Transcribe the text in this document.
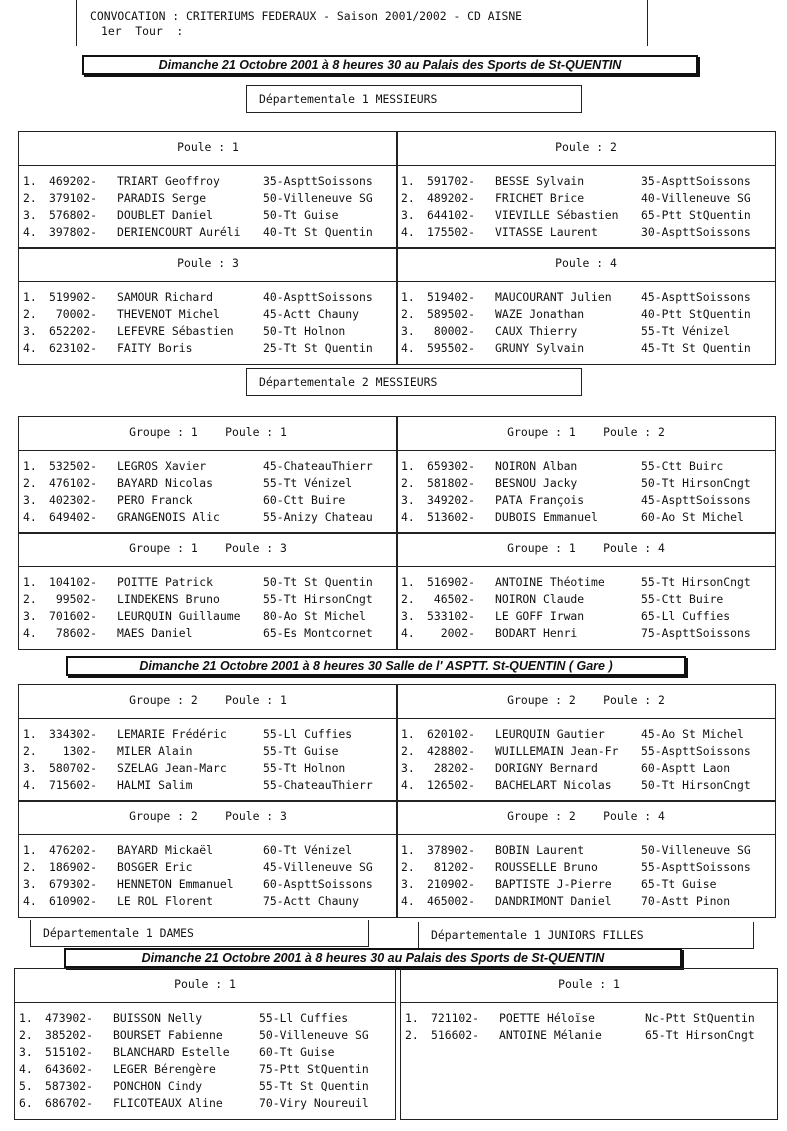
CONVOCATION : CRITERIUMS FEDERAUX - Saison 2001/2002 - CD AISNE
1er  Tour  :
Dimanche 21 Octobre 2001 à 8 heures 30 au Palais des Sports de St-QUENTIN
Départementale 1 MESSIEURS
Poule : 1
1. 469202- TRIART Geoffroy	35-AspttSoissons
2. 379102- PARADIS Serge	50-Villeneuve SG
3. 576802- DOUBLET Daniel	50-Tt Guise
4. 397802- DERIENCOURT Auréli 40-Tt St Quentin
Poule : 2
1. 591702- BESSE Sylvain	35-AspttSoissons
2. 489202- FRICHET Brice	40-Villeneuve SG
3. 644102- VIEVILLE Sébastien 65-Ptt StQuentin
4. 175502- VITASSE Laurent	30-AspttSoissons
Poule : 3
1. 519902- SAMOUR Richard	40-AspttSoissons
2. 70002- THEVENOT Michel	45-Actt Chauny
3. 652202- LEFEVRE Sébastien	50-Tt Holnon
4. 623102- FAITY Boris	25-Tt St Quentin
Poule : 4
1. 519402- MAUCOURANT Julien	45-AspttSoissons
2. 589502- WAZE Jonathan	40-Ptt StQuentin
3. 80002- CAUX Thierry	55-Tt Vénizel
4. 595502- GRUNY Sylvain	45-Tt St Quentin
Départementale 2 MESSIEURS
Groupe : 1    Poule : 1
1. 532502- LEGROS Xavier	45-ChateauThierr
2. 476102- BAYARD Nicolas	55-Tt Vénizel
3. 402302- PERO Franck	60-Ctt Buire
4. 649402- GRANGENOIS Alic	55-Anizy Chateau
Groupe : 1    Poule : 2
1. 659302- NOIRON Alban	55-Ctt Buirc
2. 581802- BESNOU Jacky	50-Tt HirsonCngt
3. 349202- PATA François	45-AspttSoissons
4. 513602- DUBOIS Emmanuel	60-Ao St Michel
Groupe : 1    Poule : 3
1. 104102- POITTE Patrick	50-Tt St Quentin
2. 99502- LINDEKENS Bruno	55-Tt HirsonCngt
3. 701602- LEURQUIN Guillaume 80-Ao St Michel
4. 78602- MAES Daniel	65-Es Montcornet
Groupe : 1    Poule : 4
1. 516902- ANTOINE Théotime	55-Tt HirsonCngt
2. 46502- NOIRON Claude	55-Ctt Buire
3. 533102- LE GOFF Irwan	65-Ll Cuffies
4. 2002- BODART Henri	75-AspttSoissons
Dimanche 21 Octobre 2001 à 8 heures 30 Salle de l' ASPTT. St-QUENTIN ( Gare )
Groupe : 2    Poule : 1
1. 334302- LEMARIE Frédéric	55-Ll Cuffies
2. 1302- MILER Alain	55-Tt Guise
3. 580702- SZELAG Jean-Marc	55-Tt Holnon
4. 715602- HALMI Salim	55-ChateauThierr
Groupe : 2    Poule : 2
1. 620102- LEURQUIN Gautier	45-Ao St Michel
2. 428802- WUILLEMAIN Jean-Fr 55-AspttSoissons
3. 28202- DORIGNY Bernard	60-Asptt Laon
4. 126502- BACHELART Nicolas	50-Tt HirsonCngt
Groupe : 2    Poule : 3
1. 476202- BAYARD Mickaël	60-Tt Vénizel
2. 186902- BOSGER Eric	45-Villeneuve SG
3. 679302- HENNETON Emmanuel	60-AspttSoissons
4. 610902- LE ROL Florent	75-Actt Chauny
Groupe : 2    Poule : 4
1. 378902- BOBIN Laurent	50-Villeneuve SG
2. 81202- ROUSSELLE Bruno	55-AspttSoissons
3. 210902- BAPTISTE J-Pierre	65-Tt Guise
4. 465002- DANDRIMONT Daniel	70-Astt Pinon
Départementale 1 DAMES	Départementale 1 JUNIORS FILLES
Dimanche 21 Octobre 2001 à 8 heures 30 au Palais des Sports de St-QUENTIN
Poule : 1
1. 473902- BUISSON Nelly	55-Ll Cuffies
2. 385202- BOURSET Fabienne	50-Villeneuve SG
3. 515102- BLANCHARD Estelle	60-Tt Guise
4. 643602- LEGER Bérengère	75-Ptt StQuentin
5. 587302- PONCHON Cindy	55-Tt St Quentin
6. 686702- FLICOTEAUX Aline	70-Viry Noureuil
Poule : 1
1. 721102- POETTE Héloïse	Nc-Ptt StQuentin
2. 516602- ANTOINE Mélanie	65-Tt HirsonCngt
